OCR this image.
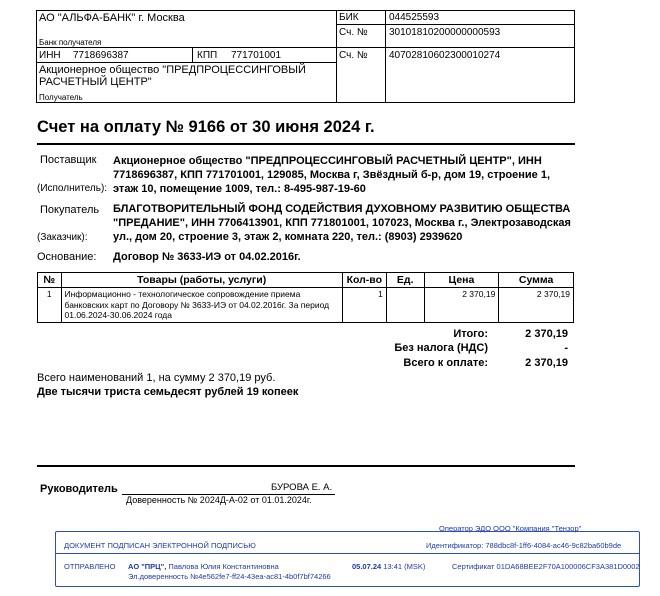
АО "АЛЬФА-БАНК" г. Москва
Банк получателя
БИК	044525593
Сч. № 30101810200000000593
ИНН 7718696387	КПП 771701001	Сч. № 40702810602300010274
Акционерное общество "ПРЕДПРОЦЕССИНГОВЫЙ
РАСЧЕТНЫЙ ЦЕНТР"
Получатель
Счет на оплату № 9166 от 30 июня 2024 г.
Поставщик
(Исполнитель):
Акционерное общество "ПРЕДПРОЦЕССИНГОВЫЙ РАСЧЕТНЫЙ ЦЕНТР", ИНН
7718696387, КПП 771701001, 129085, Москва г, Звёздный б-р, дом 19, строение 1,
этаж 10, помещение 1009, тел.: 8-495-987-19-60
Покупатель
(Заказчик):
БЛАГОТВОРИТЕЛЬНЫЙ ФОНД СОДЕЙСТВИЯ ДУХОВНОМУ РАЗВИТИЮ ОБЩЕСТВА
"ПРЕДАНИЕ", ИНН 7706413901, КПП 771801001, 107023, Москва г., Электрозаводская
ул., дом 20, строение 3, этаж 2, комната 220, тел.: (8903) 2939620
Основание: Договор № 3633-ИЭ от 04.02.2016г.
№	Товары (работы, услуги)	Кол-во	Ед.	Цена	Сумма
1	Информационно - технологическое сопровождение приема банковских карт по Договору № 3633-ИЭ от 04.02.2016г. За период 01.06.2024-30.06.2024 года	1		2 370,19	2 370,19
Итого:	2 370,19
Без налога (НДС)	-
Всего к оплате:	2 370,19
Всего наименований 1, на сумму 2 370,19 руб.
Две тысячи триста семьдесят рублей 19 копеек
Руководитель	БУРОВА Е. А.
Доверенность № 2024Д-А-02 от 01.01.2024г.
Оператор ЭДО ООО "Компания "Тензор"
ДОКУМЕНТ ПОДПИСАН ЭЛЕКТРОННОЙ ПОДПИСЬЮ	Идентификатор: 788dbc8f-1ff6-4084-ac46-9c82ba60b9de
ОТПРАВЛЕНО АО "ПРЦ", Павлова Юлия Константиновна
Эл.доверенность №4e562fe7-ff24-43ea-ac81-4b0f7bf74266
05.07.24 13:41 (MSK)	Сертификат 01DA68BEE2F70A100006CF3A381D0002
